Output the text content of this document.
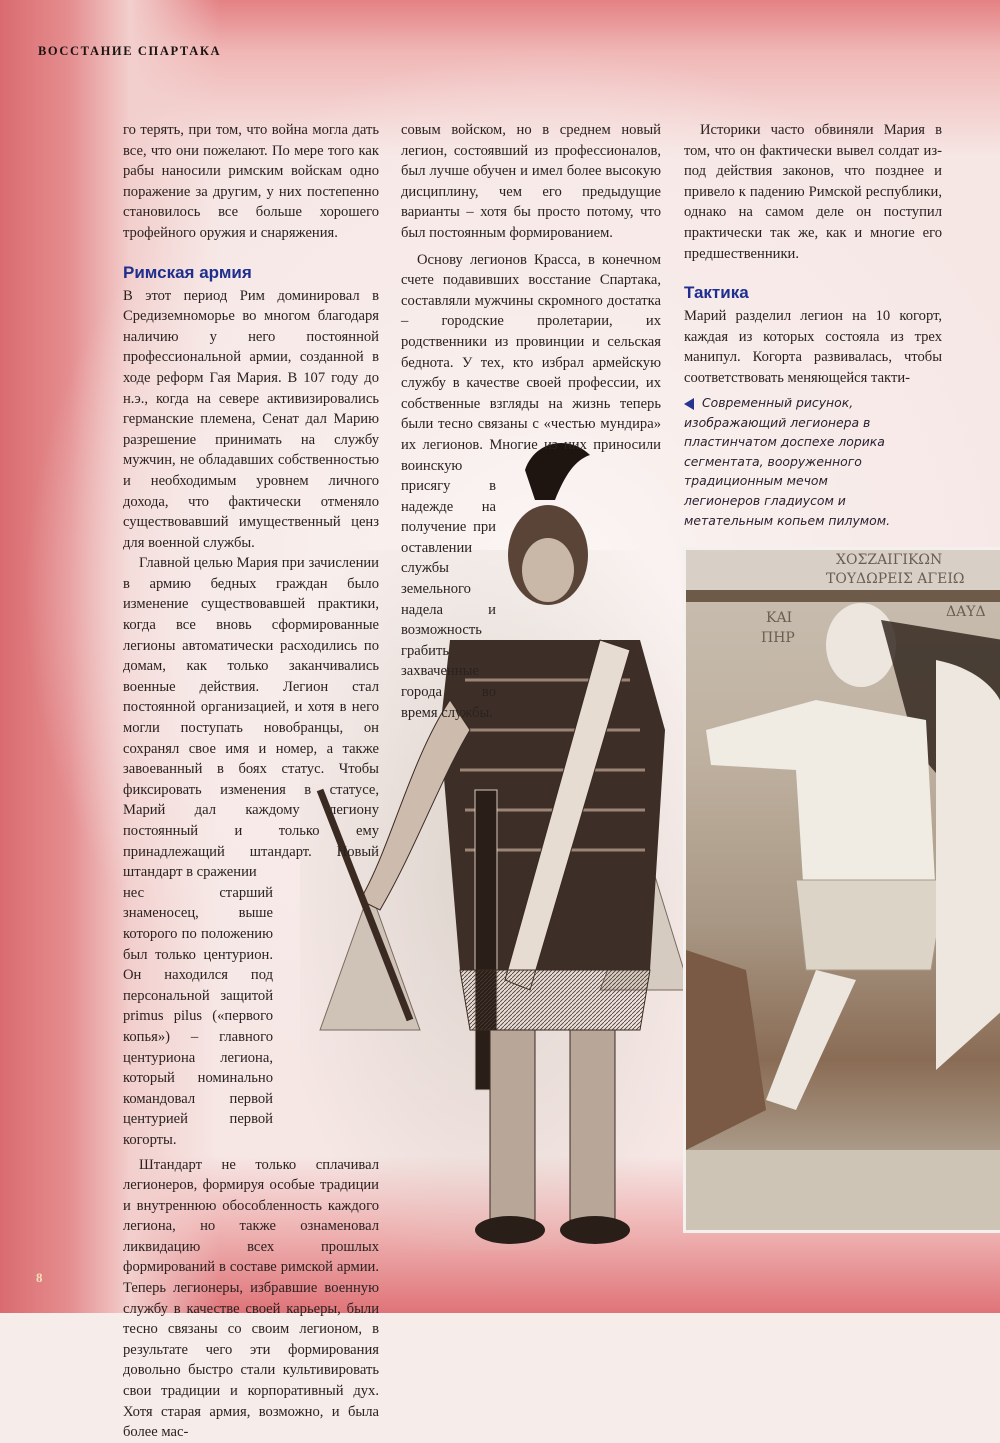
ВОССТАНИЕ СПАРТАКА

го терять, при том, что война могла дать все, что они пожелают. По мере того как рабы наносили римским войскам одно поражение за другим, у них постепенно становилось все больше хорошего трофейного оружия и снаряжения.

Римская армия

В этот период Рим доминировал в Средиземноморье во многом благодаря наличию у него постоянной профессиональной армии, созданной в ходе реформ Гая Мария. В 107 году до н.э., когда на севере активизировались германские племена, Сенат дал Марию разрешение принимать на службу мужчин, не обладавших собственностью и необходимым уровнем личного дохода, что фактически отменяло существовавший имущественный ценз для военной службы.

Главной целью Мария при зачислении в армию бедных граждан было изменение существовавшей практики, когда все вновь сформированные легионы автоматически расходились по домам, как только заканчивались военные действия. Легион стал постоянной организацией, и хотя в него могли поступать новобранцы, он сохранял свое имя и номер, а также завоеванный в боях статус. Чтобы фиксировать изменения в статусе, Марий дал каждому легиону постоянный и только ему принадлежащий штандарт. Новый штандарт в сражении

нес старший знаменосец, выше которого по положению был только центурион. Он находился под персональной защитой primus pilus («первого копья») – главного центуриона легиона, который номинально командовал первой центурией первой когорты.

Штандарт не только сплачивал легионеров, формируя особые традиции и внутреннюю обособленность каждого легиона, но также ознаменовал ликвидацию всех прошлых формирований в составе римской армии. Теперь легионеры, избравшие военную службу в качестве своей карьеры, были тесно связаны со своим легионом, в результате чего эти формирования довольно быстро стали культивировать свои традиции и корпоративный дух. Хотя старая армия, возможно, и была более мас-

совым войском, но в среднем новый легион, состоявший из профессионалов, был лучше обучен и имел более высокую дисциплину, чем его предыдущие варианты – хотя бы просто потому, что был постоянным формированием.

Основу легионов Красса, в конечном счете подавивших восстание Спартака, составляли мужчины скромного достатка – городские пролетарии, их родственники из провинции и сельская беднота. У тех, кто избрал армейскую службу в качестве своей профессии, их собственные взгляды на жизнь теперь были тесно связаны с «честью мундира» их легионов. Многие из них приносили воинскую

присягу в надежде на получение при оставлении службы земельного надела и возможность грабить захваченные города во время службы.

Историки часто обвиняли Мария в том, что он фактически вывел солдат из-под действия законов, что позднее и привело к падению Римской республики, однако на самом деле он поступил практически так же, как и многие его предшественники.

Тактика

Марий разделил легион на 10 когорт, каждая из которых состояла из трех манипул. Когорта развивалась, чтобы соответствовать меняющейся такти-

Современный рисунок, изображающий легионера в пластинчатом доспехе лорика сегментата, вооруженного традиционным мечом легионеров гладиусом и метательным копьем пилумом.
ΧΟΣΖΑΙΓΙΚΩΝ
ΤΟΥΔΩΡΕΙΣ ΑΓΕΙΩ
ΚΑΙ
ΠΗΡ
ΔΑΥΔ
8
